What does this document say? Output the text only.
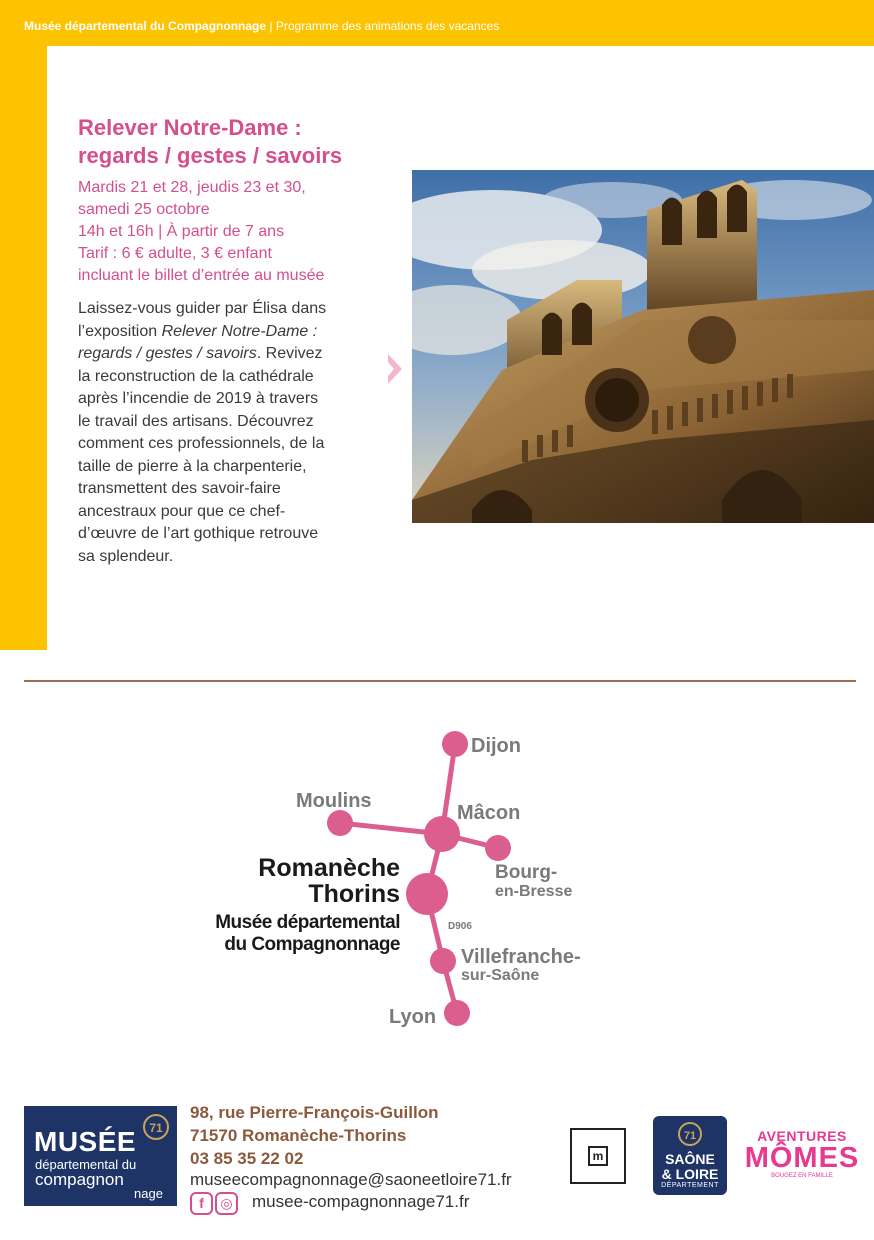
Musée départemental du Compagnonnage | Programme des animations des vacances
Relever Notre-Dame :
regards / gestes / savoirs
Mardis 21 et 28, jeudis 23 et 30,
samedi 25 octobre
14h et 16h | À partir de 7 ans
Tarif : 6 € adulte, 3 € enfant
incluant le billet d’entrée au musée
Laissez-vous guider par Élisa dans
l’exposition Relever Notre-Dame :
regards / gestes / savoirs. Revivez
la reconstruction de la cathédrale
après l’incendie de 2019 à travers
le travail des artisans. Découvrez
comment ces professionnels, de la
taille de pierre à la charpenterie,
transmettent des savoir-faire
ancestraux pour que ce chef-
d’œuvre de l’art gothique retrouve
sa splendeur.
Dijon
Moulins
Mâcon
Bourg-
en-Bresse
D906
Villefranche-
sur-Saône
Lyon
Romanèche
Thorins
Musée départemental
du Compagnonnage
71
MUSÉE
départemental du
compagnon
nage
98, rue Pierre-François-Guillon
71570 Romanèche-Thorins
03 85 35 22 02
museecompagnonnage@saoneetloire71.fr
f	◎	musee-compagnonnage71.fr
m
71
SAÔNE
& LOIRE
DÉPARTEMENT
AVENTURES
MÔMES
BOUGEZ EN FAMILLE
